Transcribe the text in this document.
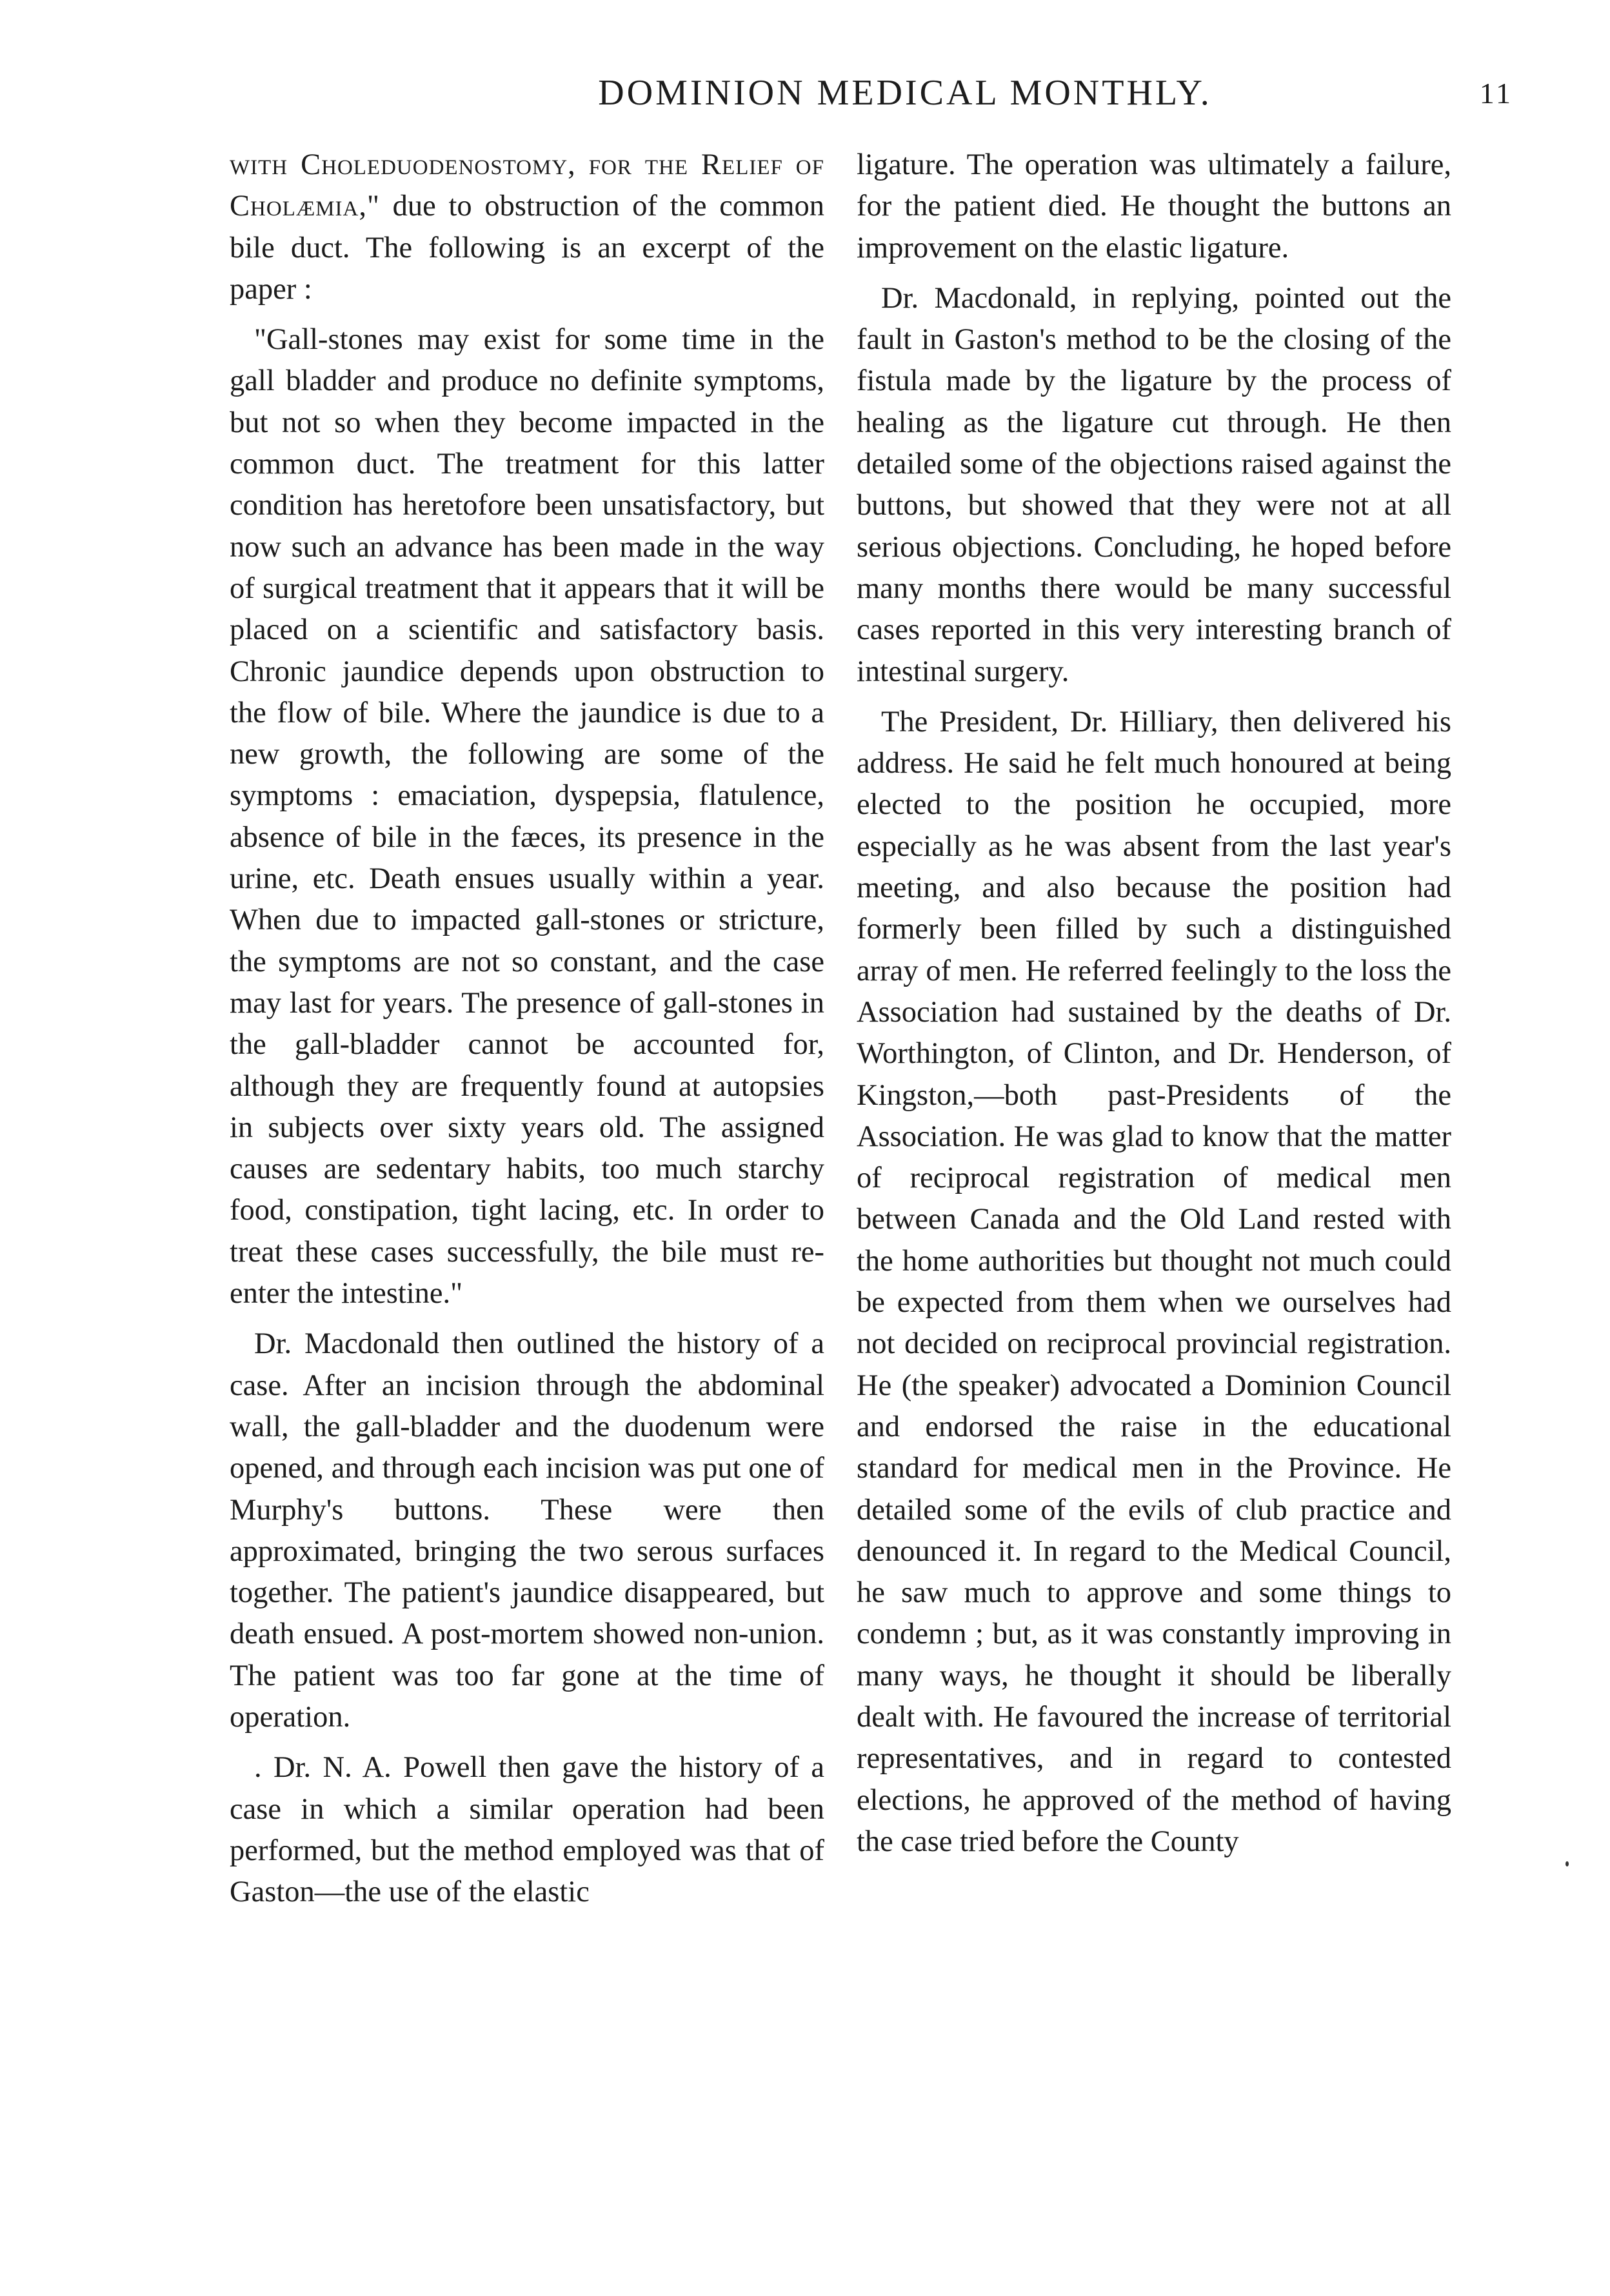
DOMINION MEDICAL MONTHLY.	11

with Choleduodenostomy, for the Relief of Cholæmia," due to obstruction of the common bile duct. The following is an excerpt of the paper :

"Gall-stones may exist for some time in the gall bladder and produce no definite symptoms, but not so when they become impacted in the common duct. The treatment for this latter condition has heretofore been unsatisfactory, but now such an advance has been made in the way of surgical treatment that it appears that it will be placed on a scientific and satisfactory basis. Chronic jaundice depends upon obstruction to the flow of bile. Where the jaundice is due to a new growth, the following are some of the symptoms : emaciation, dyspepsia, flatulence, absence of bile in the fæces, its presence in the urine, etc. Death ensues usually within a year. When due to impacted gall-stones or stricture, the symptoms are not so constant, and the case may last for years. The presence of gall-stones in the gall-bladder cannot be accounted for, although they are frequently found at autopsies in subjects over sixty years old. The assigned causes are sedentary habits, too much starchy food, constipation, tight lacing, etc. In order to treat these cases successfully, the bile must re-enter the intestine."

Dr. Macdonald then outlined the history of a case. After an incision through the abdominal wall, the gall-bladder and the duodenum were opened, and through each incision was put one of Murphy's buttons. These were then approximated, bringing the two serous surfaces together. The patient's jaundice disappeared, but death ensued. A post-mortem showed non-union. The patient was too far gone at the time of operation.

. Dr. N. A. Powell then gave the history of a case in which a similar operation had been performed, but the method employed was that of Gaston—the use of the elastic

ligature. The operation was ultimately a failure, for the patient died. He thought the buttons an improvement on the elastic ligature.

Dr. Macdonald, in replying, pointed out the fault in Gaston's method to be the closing of the fistula made by the ligature by the process of healing as the ligature cut through. He then detailed some of the objections raised against the buttons, but showed that they were not at all serious objections. Concluding, he hoped before many months there would be many successful cases reported in this very interesting branch of intestinal surgery.

The President, Dr. Hilliary, then delivered his address. He said he felt much honoured at being elected to the position he occupied, more especially as he was absent from the last year's meeting, and also because the position had formerly been filled by such a distinguished array of men. He referred feelingly to the loss the Association had sustained by the deaths of Dr. Worthington, of Clinton, and Dr. Henderson, of Kingston,—both past-Presidents of the Association. He was glad to know that the matter of reciprocal registration of medical men between Canada and the Old Land rested with the home authorities but thought not much could be expected from them when we ourselves had not decided on reciprocal provincial registration. He (the speaker) advocated a Dominion Council and endorsed the raise in the educational standard for medical men in the Province. He detailed some of the evils of club practice and denounced it. In regard to the Medical Council, he saw much to approve and some things to condemn ; but, as it was constantly improving in many ways, he thought it should be liberally dealt with. He favoured the increase of territorial representatives, and in regard to contested elections, he approved of the method of having the case tried before the County
